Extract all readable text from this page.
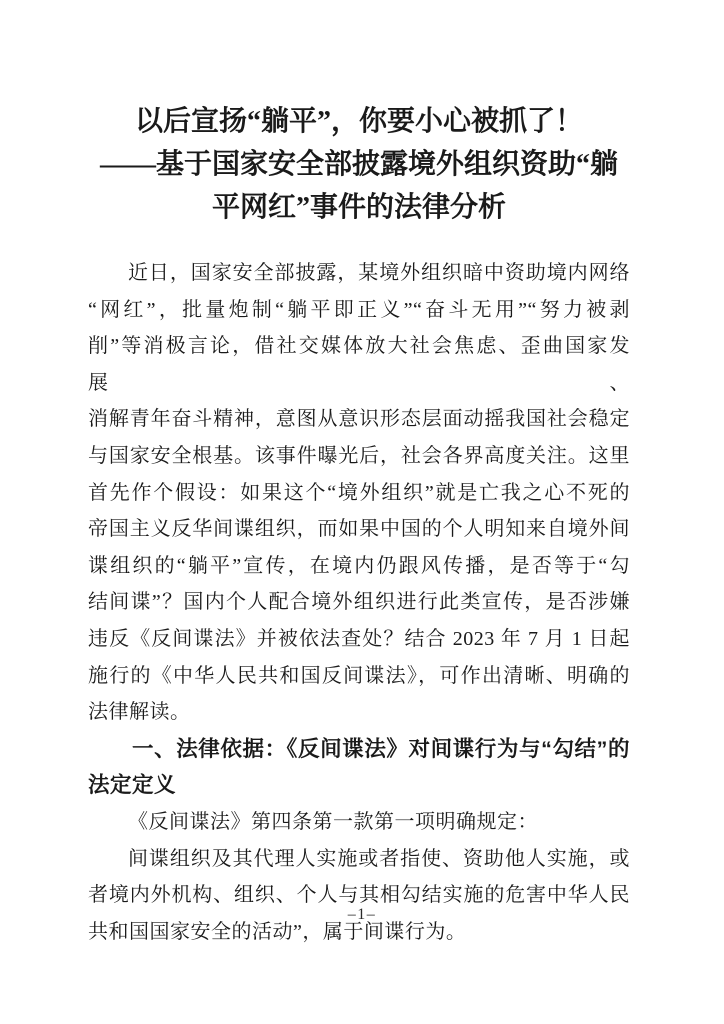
以后宣扬“躺平”，你要小心被抓了！
——基于国家安全部披露境外组织资助“躺
平网红”事件的法律分析

近日，国家安全部披露，某境外组织暗中资助境内网络
“网红”，批量炮制“躺平即正义”“奋斗无用”“努力被剥
削”等消极言论，借社交媒体放大社会焦虑、歪曲国家发展、
消解青年奋斗精神，意图从意识形态层面动摇我国社会稳定
与国家安全根基。该事件曝光后，社会各界高度关注。这里
首先作个假设：如果这个“境外组织”就是亡我之心不死的
帝国主义反华间谍组织，而如果中国的个人明知来自境外间
谍组织的“躺平”宣传，在境内仍跟风传播，是否等于“勾
结间谍”？国内个人配合境外组织进行此类宣传，是否涉嫌
违反《反间谍法》并被依法查处？结合 2023 年 7 月 1 日起
施行的《中华人民共和国反间谍法》，可作出清晰、明确的
法律解读。

一、法律依据：《反间谍法》对间谍行为与“勾结”的
法定定义

《反间谍法》第四条第一款第一项明确规定：

间谍组织及其代理人实施或者指使、资助他人实施，或
者境内外机构、组织、个人与其相勾结实施的危害中华人民
共和国国家安全的活动”，属于间谍行为。

–1–
